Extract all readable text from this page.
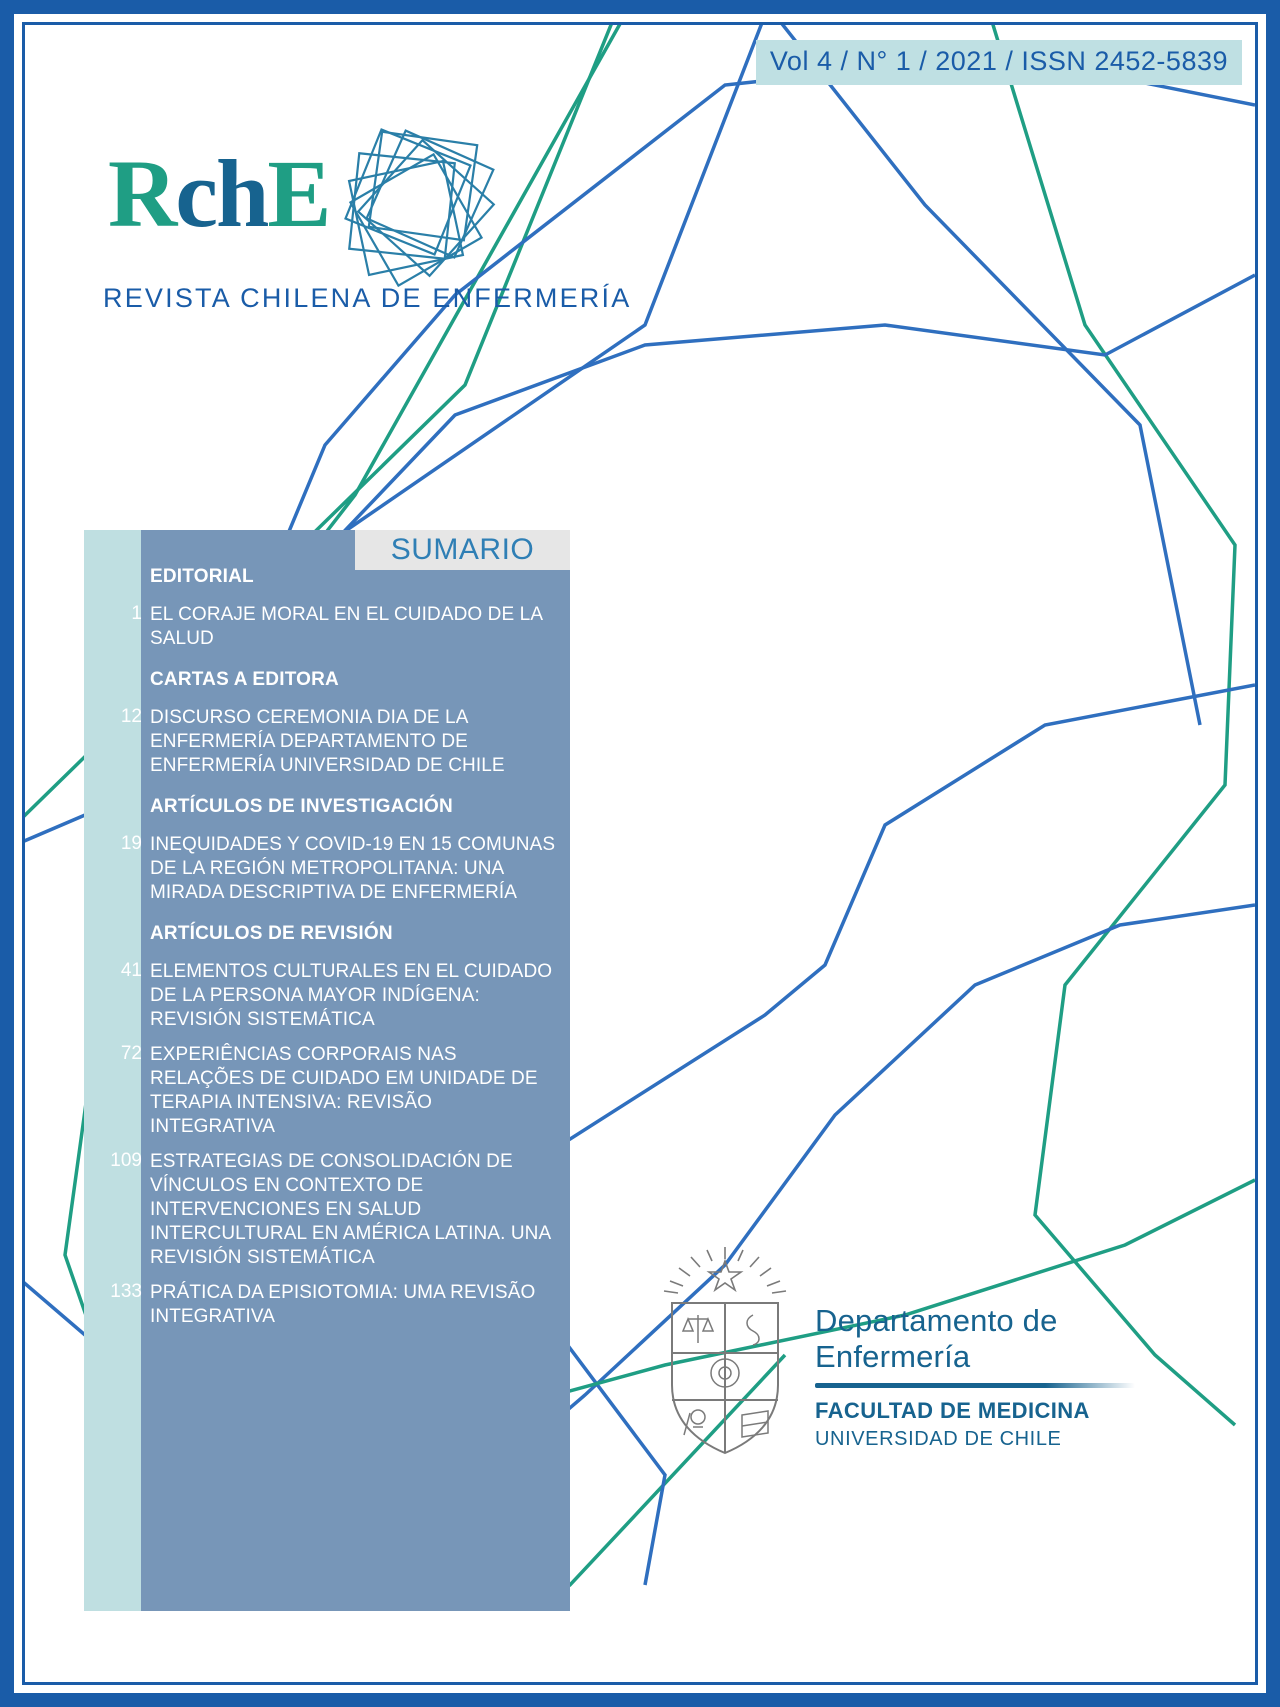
Vol 4 / N° 1 / 2021 / ISSN 2452-5839
RchE
REVISTA CHILENA DE ENFERMERÍA
SUMARIO
EDITORIAL
1 EL CORAJE MORAL EN EL CUIDADO DE LA SALUD
CARTAS A EDITORA
12 DISCURSO CEREMONIA DIA DE LA ENFERMERÍA DEPARTAMENTO DE ENFERMERÍA UNIVERSIDAD DE CHILE
ARTÍCULOS DE INVESTIGACIÓN
19 INEQUIDADES Y COVID-19 EN 15 COMUNAS DE LA REGIÓN METROPOLITANA: UNA MIRADA DESCRIPTIVA DE ENFERMERÍA
ARTÍCULOS DE REVISIÓN
41 ELEMENTOS CULTURALES EN EL CUIDADO DE LA PERSONA MAYOR INDÍGENA: REVISIÓN SISTEMÁTICA
72 EXPERIÊNCIAS CORPORAIS NAS RELAÇÕES DE CUIDADO EM UNIDADE DE TERAPIA INTENSIVA: REVISÃO INTEGRATIVA
109 ESTRATEGIAS DE CONSOLIDACIÓN DE VÍNCULOS EN CONTEXTO DE INTERVENCIONES EN SALUD INTERCULTURAL EN AMÉRICA LATINA. UNA REVISIÓN SISTEMÁTICA
133 PRÁTICA DA EPISIOTOMIA: UMA REVISÃO INTEGRATIVA	Departamento de Enfermería
FACULTAD DE MEDICINA
UNIVERSIDAD DE CHILE
